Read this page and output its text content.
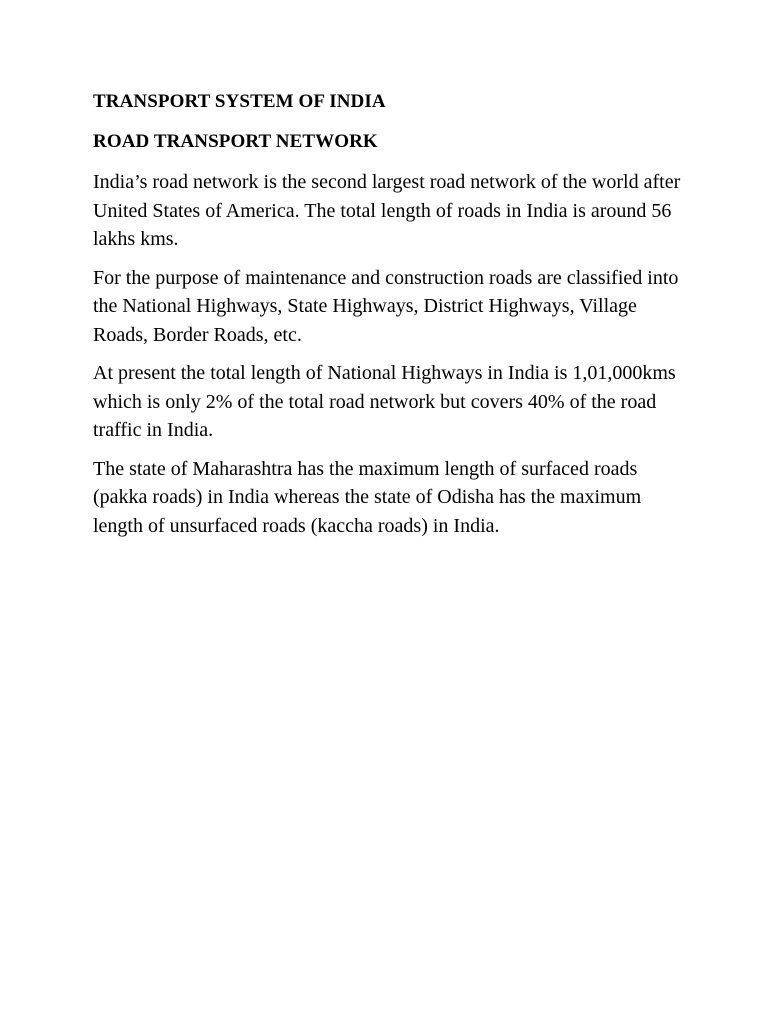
TRANSPORT SYSTEM OF INDIA
ROAD TRANSPORT NETWORK

India’s road network is the second largest road network of the world after United States of America. The total length of roads in India is around 56 lakhs kms.

For the purpose of maintenance and construction roads are classified into the National Highways, State Highways, District Highways, Village Roads, Border Roads, etc.

At present the total length of National Highways in India is 1,01,000kms which is only 2% of the total road network but covers 40% of the road traffic in India.

The state of Maharashtra has the maximum length of surfaced roads (pakka roads) in India whereas the state of Odisha has the maximum length of unsurfaced roads (kaccha roads) in India.
